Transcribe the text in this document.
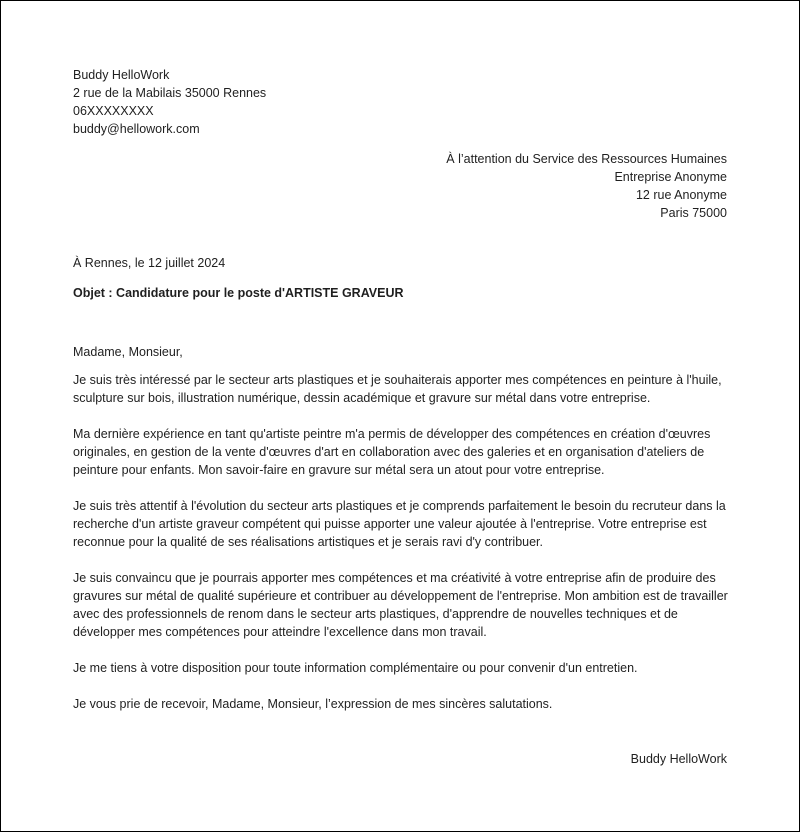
Buddy HelloWork
2 rue de la Mabilais 35000 Rennes
06XXXXXXXX
buddy@hellowork.com
À l’attention du Service des Ressources Humaines
Entreprise Anonyme
12 rue Anonyme
Paris 75000
À Rennes, le 12 juillet 2024
Objet : Candidature pour le poste d'ARTISTE GRAVEUR

Madame, Monsieur,

Je suis très intéressé par le secteur arts plastiques et je souhaiterais apporter mes compétences en peinture à l'huile, sculpture sur bois, illustration numérique, dessin académique et gravure sur métal dans votre entreprise.

Ma dernière expérience en tant qu'artiste peintre m'a permis de développer des compétences en création d'œuvres originales, en gestion de la vente d'œuvres d'art en collaboration avec des galeries et en organisation d'ateliers de peinture pour enfants. Mon savoir-faire en gravure sur métal sera un atout pour votre entreprise.

Je suis très attentif à l'évolution du secteur arts plastiques et je comprends parfaitement le besoin du recruteur dans la recherche d'un artiste graveur compétent qui puisse apporter une valeur ajoutée à l'entreprise. Votre entreprise est reconnue pour la qualité de ses réalisations artistiques et je serais ravi d'y contribuer.

Je suis convaincu que je pourrais apporter mes compétences et ma créativité à votre entreprise afin de produire des gravures sur métal de qualité supérieure et contribuer au développement de l'entreprise. Mon ambition est de travailler avec des professionnels de renom dans le secteur arts plastiques, d'apprendre de nouvelles techniques et de développer mes compétences pour atteindre l'excellence dans mon travail.

Je me tiens à votre disposition pour toute information complémentaire ou pour convenir d'un entretien.

Je vous prie de recevoir, Madame, Monsieur, l’expression de mes sincères salutations.

Buddy HelloWork
